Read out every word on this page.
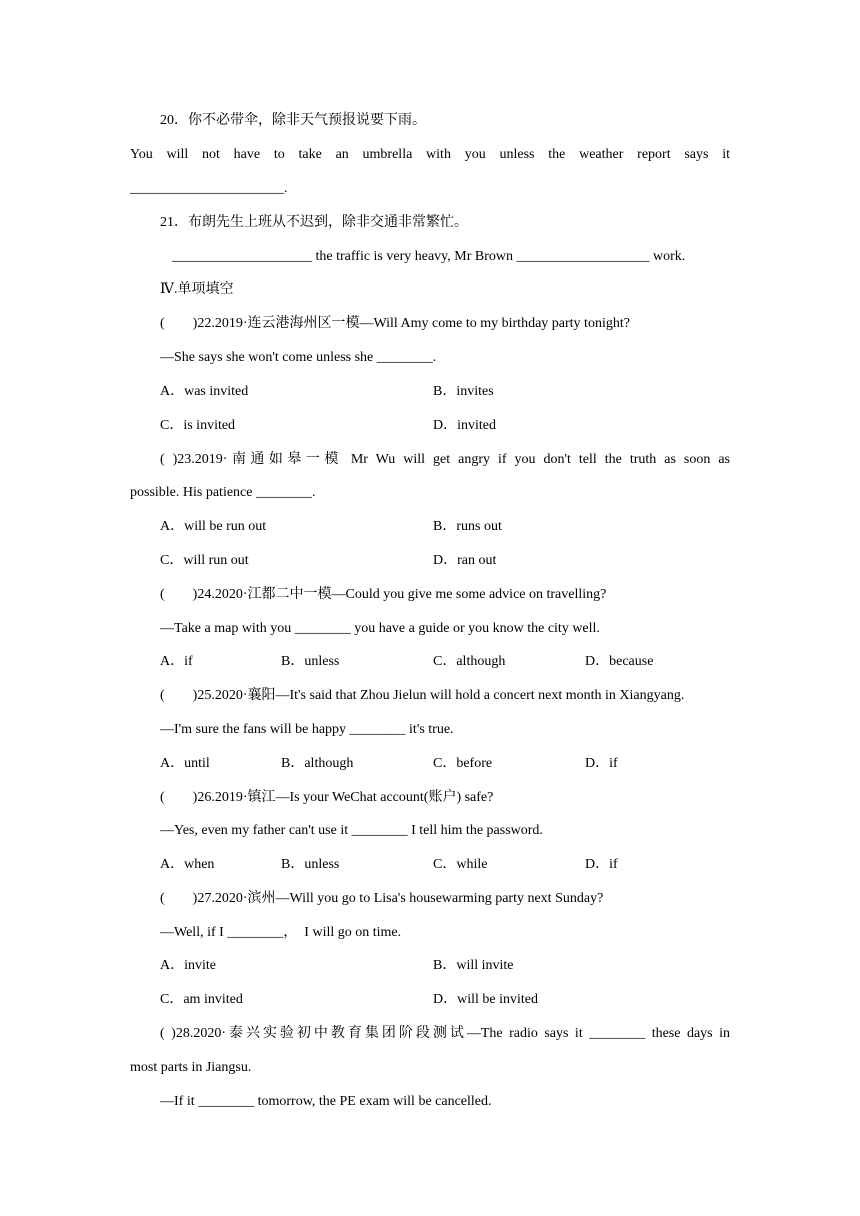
20．你不必带伞，除非天气预报说要下雨。
You will not have to take an umbrella with you unless the weather report says it
______________________.
21．布朗先生上班从不迟到，除非交通非常繁忙。
____________________ the traffic is very heavy, Mr Brown ___________________ work.
Ⅳ.单项填空
(        )22.2019·连云港海州区一模—Will Amy come to my birthday party tonight?
—She says she won't come unless she ________.
A．was invited	B．invites
C．is invited	D．invited
( )23.2019·南通如皋一模 Mr Wu will get angry if you don't tell the truth as soon as
possible. His patience ________.
A．will be run out	B．runs out
C．will run out	D．ran out
(        )24.2020·江都二中一模—Could you give me some advice on travelling?
—Take a map with you ________ you have a guide or you know the city well.
A．if	B．unless	C．although	D．because
(        )25.2020·襄阳—It's said that Zhou Jielun will hold a concert next month in Xiangyang.
—I'm sure the fans will be happy ________ it's true.
A．until	B．although	C．before	D．if
(        )26.2019·镇江—Is your WeChat account(账户) safe?
—Yes, even my father can't use it ________ I tell him the password.
A．when	B．unless	C．while	D．if
(        )27.2020·滨州—Will you go to Lisa's housewarming party next Sunday?
—Well, if I ________，  I will go on time.
A．invite	B．will invite
C．am invited	D．will be invited
( )28.2020·泰兴实验初中教育集团阶段测试—The radio says it ________ these days in
most parts in Jiangsu.
—If it ________ tomorrow, the PE exam will be cancelled.
